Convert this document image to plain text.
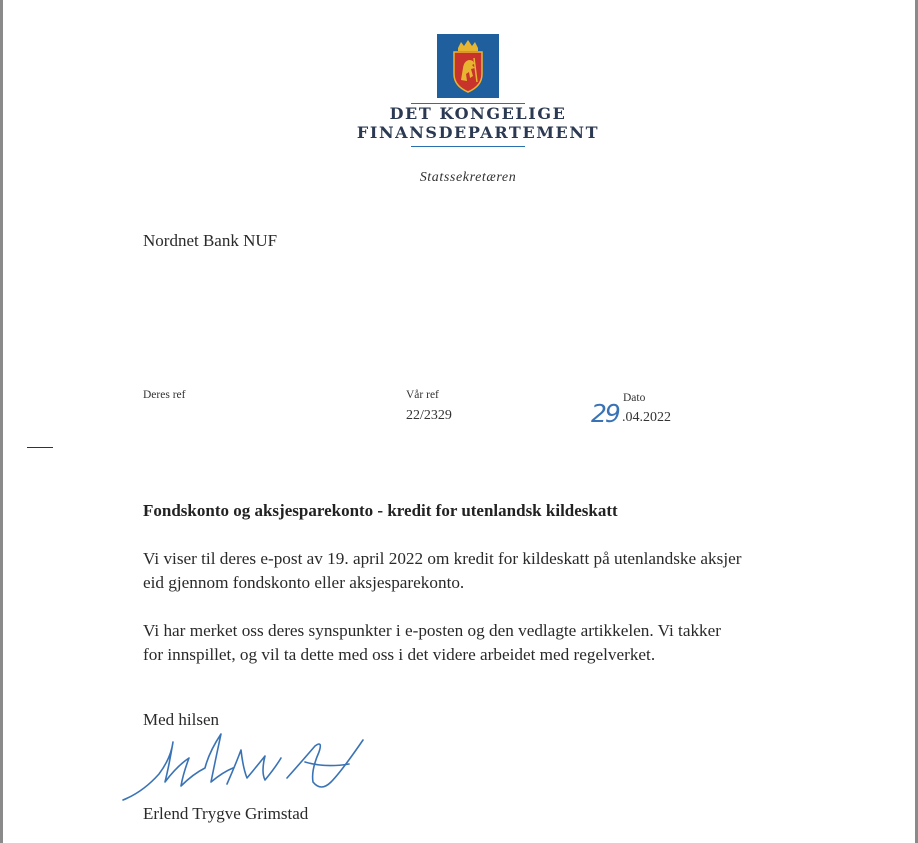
DET KONGELIGE
FINANSDEPARTEMENT
Statssekretæren
Nordnet Bank NUF
Deres ref	Vår ref
22/2329
Dato
29 .04.2022
Fondskonto og aksjesparekonto - kredit for utenlandsk kildeskatt
Vi viser til deres e-post av 19. april 2022 om kredit for kildeskatt på utenlandske aksjer
eid gjennom fondskonto eller aksjesparekonto.
Vi har merket oss deres synspunkter i e-posten og den vedlagte artikkelen. Vi takker
for innspillet, og vil ta dette med oss i det videre arbeidet med regelverket.
Med hilsen
Erlend Trygve Grimstad
